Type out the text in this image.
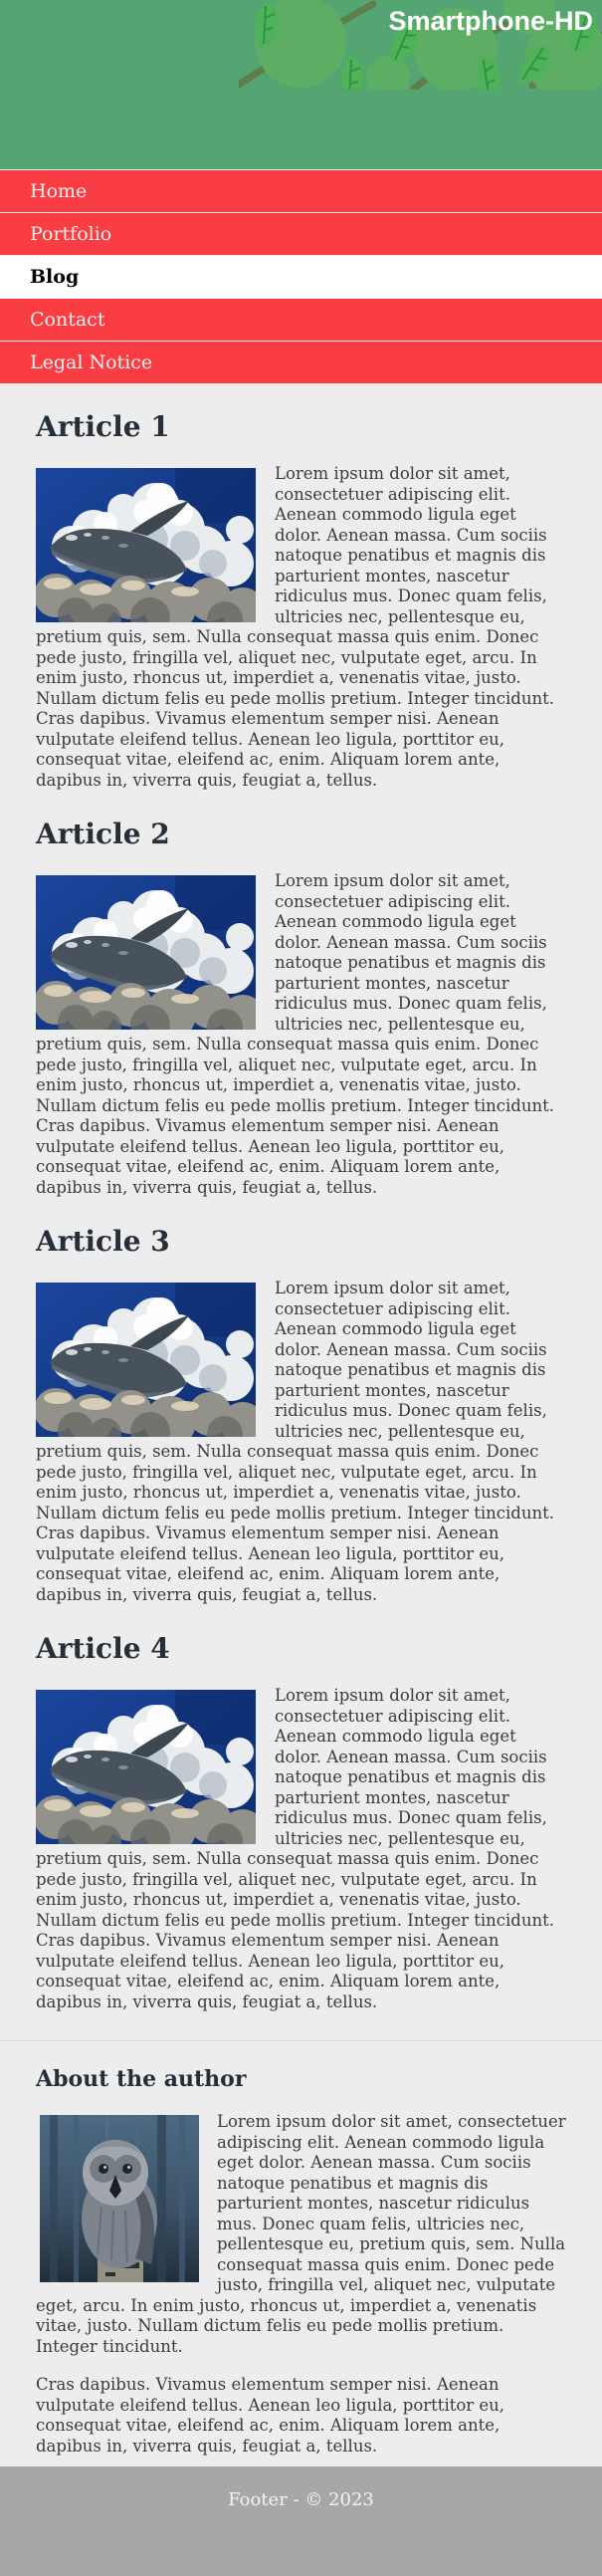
Smartphone-HD
Home
Portfolio
Blog
Contact
Legal Notice
Article 1

Lorem ipsum dolor sit amet, consectetuer adipiscing elit. Aenean commodo ligula eget dolor. Aenean massa. Cum sociis natoque penatibus et magnis dis parturient montes, nascetur ridiculus mus. Donec quam felis, ultricies nec, pellentesque eu, pretium quis, sem. Nulla consequat massa quis enim. Donec pede justo, fringilla vel, aliquet nec, vulputate eget, arcu. In enim justo, rhoncus ut, imperdiet a, venenatis vitae, justo. Nullam dictum felis eu pede mollis pretium. Integer tincidunt. Cras dapibus. Vivamus elementum semper nisi. Aenean vulputate eleifend tellus. Aenean leo ligula, porttitor eu, consequat vitae, eleifend ac, enim. Aliquam lorem ante, dapibus in, viverra quis, feugiat a, tellus.

Article 2

Lorem ipsum dolor sit amet, consectetuer adipiscing elit. Aenean commodo ligula eget dolor. Aenean massa. Cum sociis natoque penatibus et magnis dis parturient montes, nascetur ridiculus mus. Donec quam felis, ultricies nec, pellentesque eu, pretium quis, sem. Nulla consequat massa quis enim. Donec pede justo, fringilla vel, aliquet nec, vulputate eget, arcu. In enim justo, rhoncus ut, imperdiet a, venenatis vitae, justo. Nullam dictum felis eu pede mollis pretium. Integer tincidunt. Cras dapibus. Vivamus elementum semper nisi. Aenean vulputate eleifend tellus. Aenean leo ligula, porttitor eu, consequat vitae, eleifend ac, enim. Aliquam lorem ante, dapibus in, viverra quis, feugiat a, tellus.

Article 3

Lorem ipsum dolor sit amet, consectetuer adipiscing elit. Aenean commodo ligula eget dolor. Aenean massa. Cum sociis natoque penatibus et magnis dis parturient montes, nascetur ridiculus mus. Donec quam felis, ultricies nec, pellentesque eu, pretium quis, sem. Nulla consequat massa quis enim. Donec pede justo, fringilla vel, aliquet nec, vulputate eget, arcu. In enim justo, rhoncus ut, imperdiet a, venenatis vitae, justo. Nullam dictum felis eu pede mollis pretium. Integer tincidunt. Cras dapibus. Vivamus elementum semper nisi. Aenean vulputate eleifend tellus. Aenean leo ligula, porttitor eu, consequat vitae, eleifend ac, enim. Aliquam lorem ante, dapibus in, viverra quis, feugiat a, tellus.

Article 4

Lorem ipsum dolor sit amet, consectetuer adipiscing elit. Aenean commodo ligula eget dolor. Aenean massa. Cum sociis natoque penatibus et magnis dis parturient montes, nascetur ridiculus mus. Donec quam felis, ultricies nec, pellentesque eu, pretium quis, sem. Nulla consequat massa quis enim. Donec pede justo, fringilla vel, aliquet nec, vulputate eget, arcu. In enim justo, rhoncus ut, imperdiet a, venenatis vitae, justo. Nullam dictum felis eu pede mollis pretium. Integer tincidunt. Cras dapibus. Vivamus elementum semper nisi. Aenean vulputate eleifend tellus. Aenean leo ligula, porttitor eu, consequat vitae, eleifend ac, enim. Aliquam lorem ante, dapibus in, viverra quis, feugiat a, tellus.

About the author

Lorem ipsum dolor sit amet, consectetuer adipiscing elit. Aenean commodo ligula eget dolor. Aenean massa. Cum sociis natoque penatibus et magnis dis parturient montes, nascetur ridiculus mus. Donec quam felis, ultricies nec, pellentesque eu, pretium quis, sem. Nulla consequat massa quis enim. Donec pede justo, fringilla vel, aliquet nec, vulputate eget, arcu. In enim justo, rhoncus ut, imperdiet a, venenatis vitae, justo. Nullam dictum felis eu pede mollis pretium. Integer tincidunt.

Cras dapibus. Vivamus elementum semper nisi. Aenean vulputate eleifend tellus. Aenean leo ligula, porttitor eu, consequat vitae, eleifend ac, enim. Aliquam lorem ante, dapibus in, viverra quis, feugiat a, tellus.

Footer - © 2023
